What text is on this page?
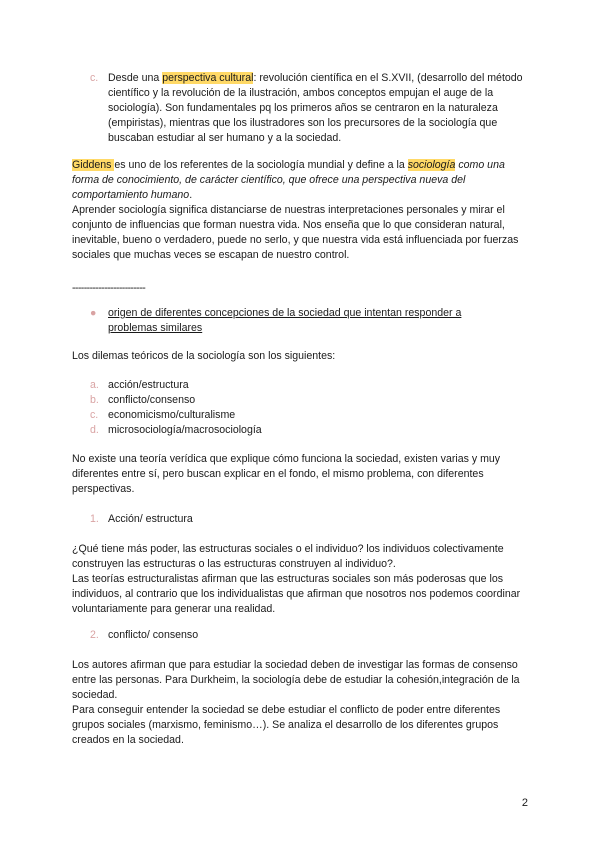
c. Desde una perspectiva cultural: revolución científica en el S.XVII, (desarrollo del método científico y la revolución de la ilustración, ambos conceptos empujan el auge de la sociología). Son fundamentales pq los primeros años se centraron en la naturaleza (empiristas), mientras que los ilustradores son los precursores de la sociología que buscaban estudiar al ser humano y a la sociedad.

Giddens es uno de los referentes de la sociología mundial y define a la sociología como una forma de conocimiento, de carácter científico, que ofrece una perspectiva nueva del comportamiento humano.

Aprender sociología significa distanciarse de nuestras interpretaciones personales y mirar el conjunto de influencias que forman nuestra vida. Nos enseña que lo que consideran natural, inevitable, bueno o verdadero, puede no serlo, y que nuestra vida está influenciada por fuerzas sociales que muchas veces se escapan de nuestro control.

-------------------------
● origen de diferentes concepciones de la sociedad que intentan responder a problemas similares

Los dilemas teóricos de la sociología son los siguientes:

a. acción/estructura
b. conflicto/consenso
c. economicismo/culturalisme
d. microsociología/macrosociología

No existe una teoría verídica que explique cómo funciona la sociedad, existen varias y muy diferentes entre sí, pero buscan explicar en el fondo, el mismo problema, con diferentes perspectivas.

1. Acción/ estructura

¿Qué tiene más poder, las estructuras sociales o el individuo? los individuos colectivamente construyen las estructuras o las estructuras construyen al individuo?.

Las teorías estructuralistas afirman que las estructuras sociales son más poderosas que los individuos, al contrario que los individualistas que afirman que nosotros nos podemos coordinar voluntariamente para generar una realidad.

2. conflicto/ consenso

Los autores afirman que para estudiar la sociedad deben de investigar las formas de consenso entre las personas. Para Durkheim, la sociología debe de estudiar la cohesión,integración de la sociedad.

Para conseguir entender la sociedad se debe estudiar el conflicto de poder entre diferentes grupos sociales (marxismo, feminismo…). Se analiza el desarrollo de los diferentes grupos creados en la sociedad.

2
